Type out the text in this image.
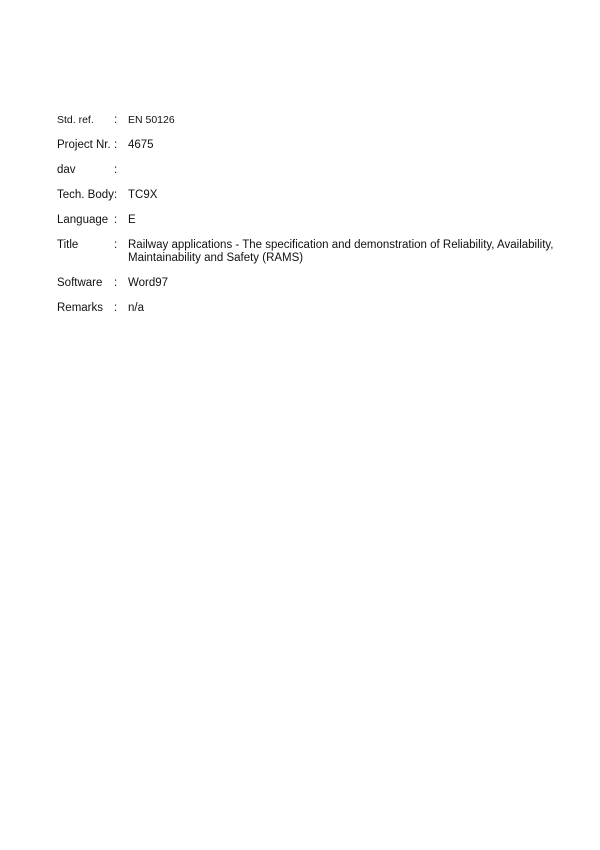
Std. ref.	:	EN 50126
Project Nr. : 4675
dav	:
Tech. Body : TC9X
Language : E
Title	: Railway applications - The specification and demonstration of Reliability, Availability, Maintainability and Safety (RAMS)
Software	: Word97
Remarks : n/a
